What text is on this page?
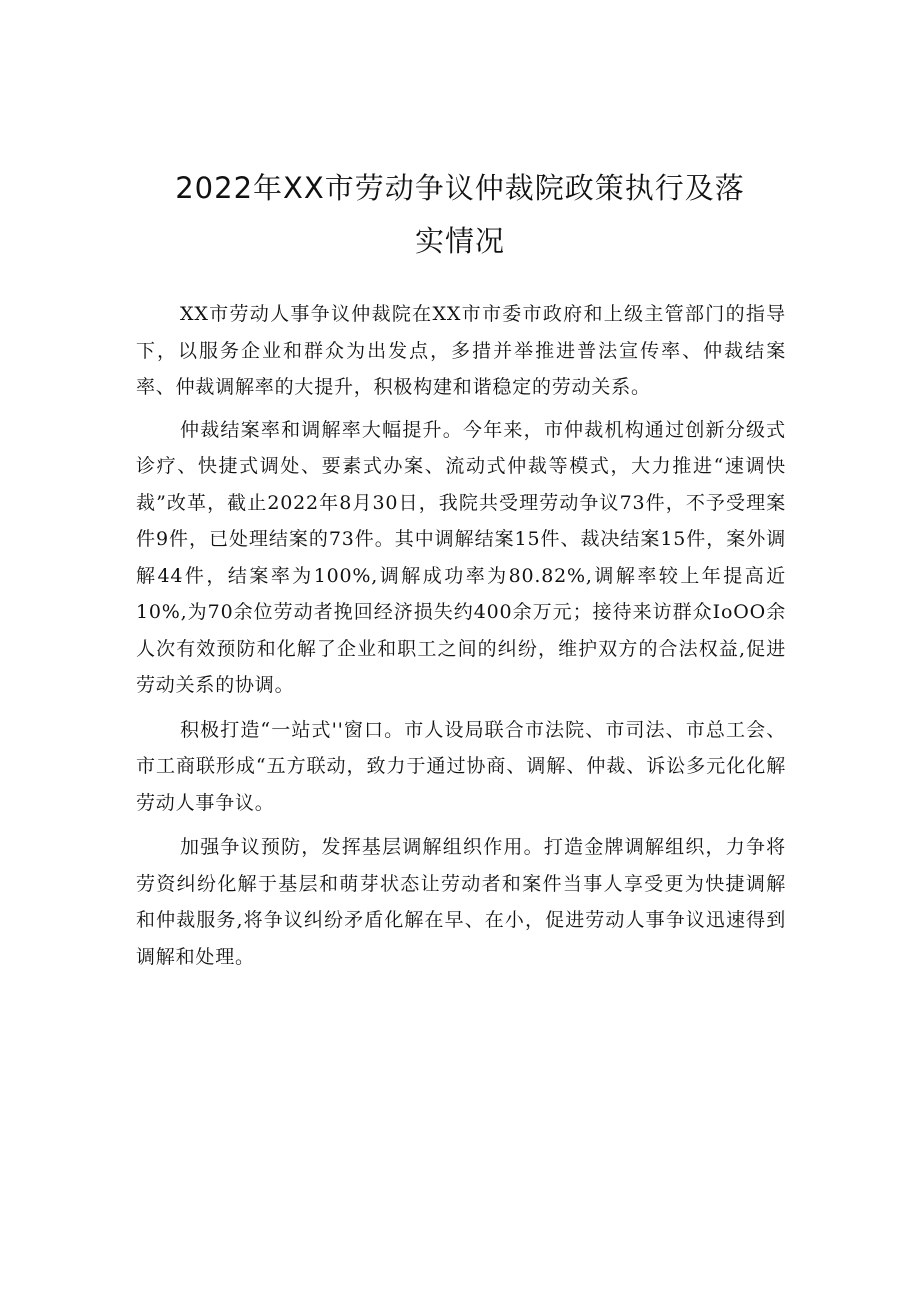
2022年XX市劳动争议仲裁院政策执行及落
实情况

XX市劳动人事争议仲裁院在XX市市委市政府和上级主管部门的指导下，以服务企业和群众为出发点，多措并举推进普法宣传率、仲裁结案率、仲裁调解率的大提升，积极构建和谐稳定的劳动关系。

仲裁结案率和调解率大幅提升。今年来，市仲裁机构通过创新分级式诊疗、快捷式调处、要素式办案、流动式仲裁等模式，大力推进“速调快裁”改革，截止2022年8月30日，我院共受理劳动争议73件，不予受理案件9件，已处理结案的73件。其中调解结案15件、裁决结案15件，案外调解44件，结案率为100%,调解成功率为80.82%,调解率较上年提高近10%,为70余位劳动者挽回经济损失约400余万元；接待来访群众IoOO余人次有效预防和化解了企业和职工之间的纠纷，维护双方的合法权益,促进劳动关系的协调。

积极打造“一站式''窗口。市人设局联合市法院、市司法、市总工会、市工商联形成“五方联动，致力于通过协商、调解、仲裁、诉讼多元化化解劳动人事争议。

加强争议预防，发挥基层调解组织作用。打造金牌调解组织，力争将劳资纠纷化解于基层和萌芽状态让劳动者和案件当事人享受更为快捷调解和仲裁服务,将争议纠纷矛盾化解在早、在小，促进劳动人事争议迅速得到调解和处理。
